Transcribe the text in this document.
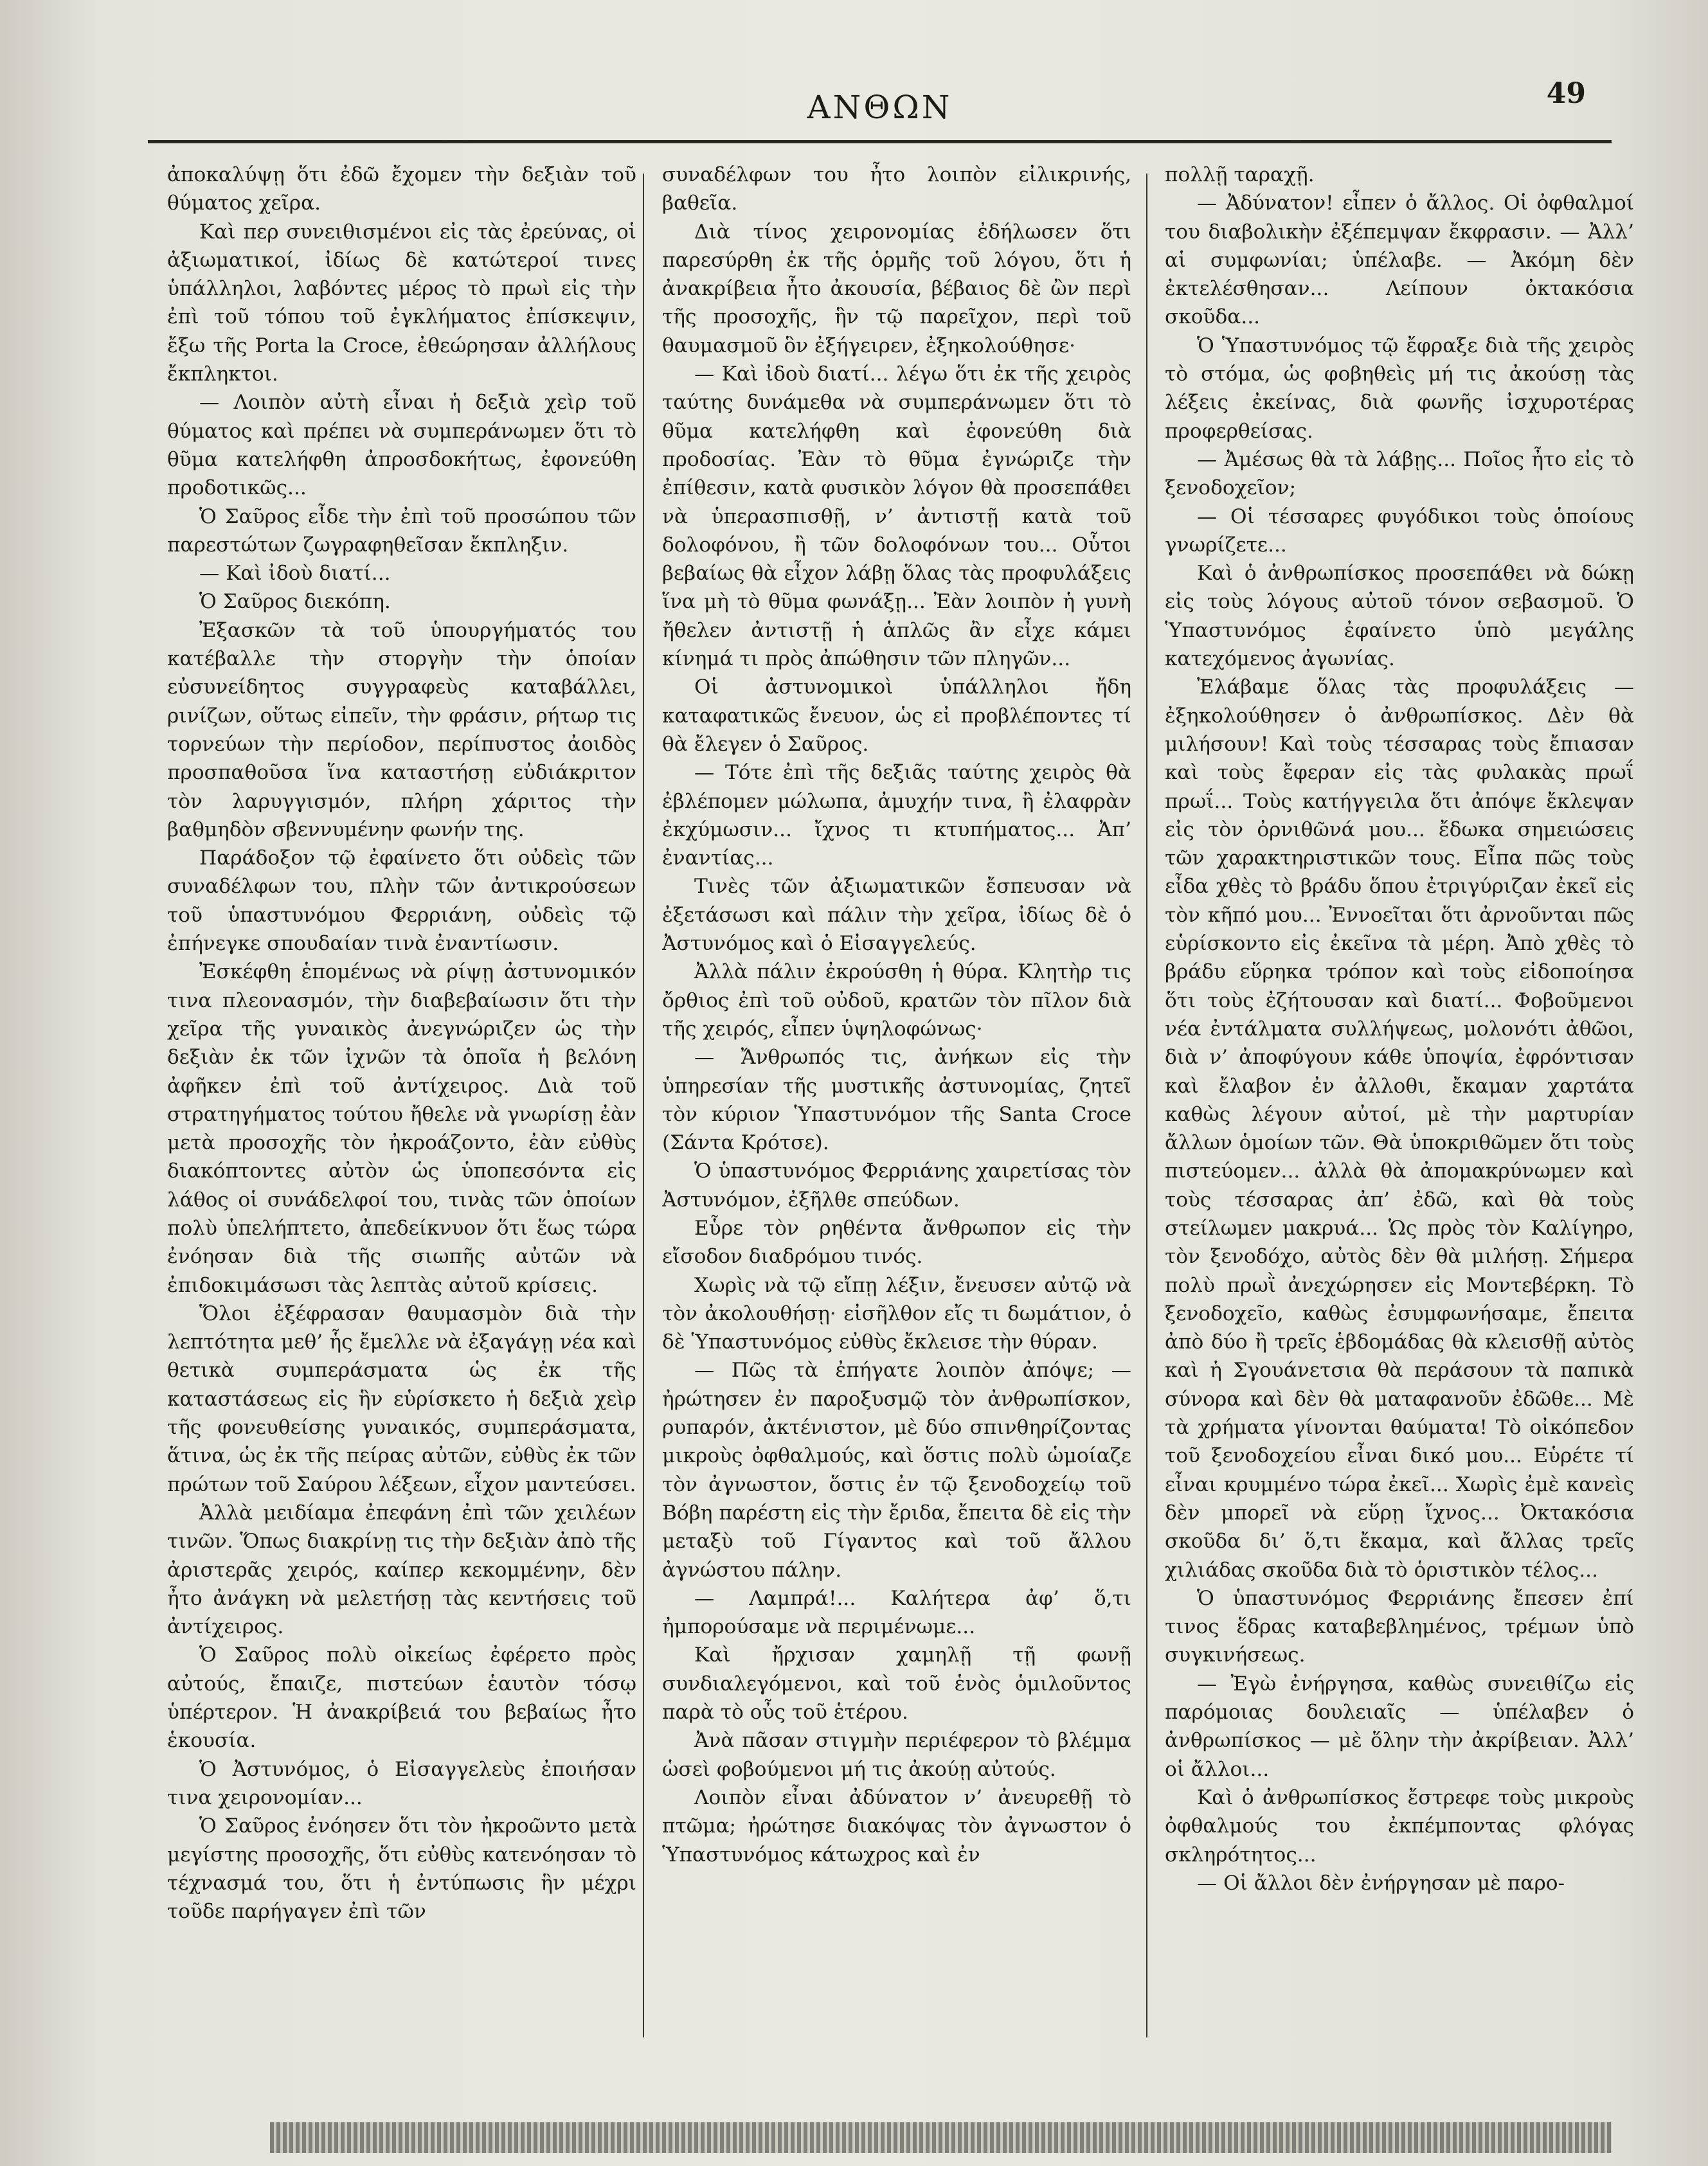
ΑΝΘΩΝ	49

ἀποκαλύψῃ ὅτι ἐδῶ ἔχομεν τὴν δεξιὰν τοῦ θύματος χεῖρα.

Καὶ περ συνειθισμένοι εἰς τὰς ἐρεύνας, οἱ ἀξιωματικοί, ἰδίως δὲ κατώτεροί τινες ὑπάλληλοι, λαβόντες μέρος τὸ πρωὶ εἰς τὴν ἐπὶ τοῦ τόπου τοῦ ἐγκλήματος ἐπίσκεψιν, ἔξω τῆς Porta la Croce, ἐθεώρησαν ἀλλήλους ἔκπληκτοι.

— Λοιπὸν αὐτὴ εἶναι ἡ δεξιὰ χεὶρ τοῦ θύματος καὶ πρέπει νὰ συμπεράνωμεν ὅτι τὸ θῦμα κατελήφθη ἀπροσδοκήτως, ἐφονεύθη προδοτικῶς...

Ὁ Σαῦρος εἶδε τὴν ἐπὶ τοῦ προσώπου τῶν παρεστώτων ζωγραφηθεῖσαν ἔκπληξιν.

— Καὶ ἰδοὺ διατί...

Ὁ Σαῦρος διεκόπη.

Ἐξασκῶν τὰ τοῦ ὑπουργήματός του κατέβαλλε τὴν στοργὴν τὴν ὁποίαν εὐσυνείδητος συγγραφεὺς καταβάλλει, ρινίζων, οὕτως εἰπεῖν, τὴν φράσιν, ρήτωρ τις τορνεύων τὴν περίοδον, περίπυστος ἀοιδὸς προσπαθοῦσα ἵνα καταστήσῃ εὐδιάκριτον τὸν λαρυγγισμόν, πλήρη χάριτος τὴν βαθμηδὸν σβεννυμένην φωνήν της.

Παράδοξον τῷ ἐφαίνετο ὅτι οὐδεὶς τῶν συναδέλφων του, πλὴν τῶν ἀντικρούσεων τοῦ ὑπαστυνόμου Φερριάνη, οὐδεὶς τῷ ἐπήνεγκε σπουδαίαν τινὰ ἐναντίωσιν.

Ἐσκέφθη ἑπομένως νὰ ρίψῃ ἀστυνομικόν τινα πλεονασμόν, τὴν διαβεβαίωσιν ὅτι τὴν χεῖρα τῆς γυναικὸς ἀνεγνώριζεν ὡς τὴν δεξιὰν ἐκ τῶν ἰχνῶν τὰ ὁποῖα ἡ βελόνη ἀφῆκεν ἐπὶ τοῦ ἀντίχειρος. Διὰ τοῦ στρατηγήματος τούτου ἤθελε νὰ γνωρίσῃ ἐὰν μετὰ προσοχῆς τὸν ἠκροάζοντο, ἐὰν εὐθὺς διακόπτοντες αὐτὸν ὡς ὑποπεσόντα εἰς λάθος οἱ συνάδελφοί του, τινὰς τῶν ὁποίων πολὺ ὑπελήπτετο, ἀπεδείκνυον ὅτι ἕως τώρα ἐνόησαν διὰ τῆς σιωπῆς αὐτῶν νὰ ἐπιδοκιμάσωσι τὰς λεπτὰς αὐτοῦ κρίσεις.

Ὅλοι ἐξέφρασαν θαυμασμὸν διὰ τὴν λεπτότητα μεθ’ ἧς ἔμελλε νὰ ἐξαγάγῃ νέα καὶ θετικὰ συμπεράσματα ὡς ἐκ τῆς καταστάσεως εἰς ἣν εὑρίσκετο ἡ δεξιὰ χεὶρ τῆς φονευθείσης γυναικός, συμπεράσματα, ἅτινα, ὡς ἐκ τῆς πείρας αὐτῶν, εὐθὺς ἐκ τῶν πρώτων τοῦ Σαύρου λέξεων, εἶχον μαντεύσει.

Ἀλλὰ μειδίαμα ἐπεφάνη ἐπὶ τῶν χειλέων τινῶν. Ὅπως διακρίνῃ τις τὴν δεξιὰν ἀπὸ τῆς ἀριστερᾶς χειρός, καίπερ κεκομμένην, δὲν ἦτο ἀνάγκη νὰ μελετήσῃ τὰς κεντήσεις τοῦ ἀντίχειρος.

Ὁ Σαῦρος πολὺ οἰκείως ἐφέρετο πρὸς αὐτούς, ἔπαιζε, πιστεύων ἑαυτὸν τόσῳ ὑπέρτερον. Ἡ ἀνακρίβειά του βεβαίως ἦτο ἑκουσία.

Ὁ Ἀστυνόμος, ὁ Εἰσαγγελεὺς ἐποιήσαν τινα χειρονομίαν...

Ὁ Σαῦρος ἐνόησεν ὅτι τὸν ἠκροῶντο μετὰ μεγίστης προσοχῆς, ὅτι εὐθὺς κατενόησαν τὸ τέχνασμά του, ὅτι ἡ ἐντύπωσις ἣν μέχρι τοῦδε παρήγαγεν ἐπὶ τῶν

συναδέλφων του ἦτο λοιπὸν εἰλικρινής, βαθεῖα.

Διὰ τίνος χειρονομίας ἐδήλωσεν ὅτι παρεσύρθη ἐκ τῆς ὁρμῆς τοῦ λόγου, ὅτι ἡ ἀνακρίβεια ἦτο ἀκουσία, βέβαιος δὲ ὢν περὶ τῆς προσοχῆς, ἣν τῷ παρεῖχον, περὶ τοῦ θαυμασμοῦ ὃν ἐξήγειρεν, ἐξηκολούθησε·

— Καὶ ἰδοὺ διατί... λέγω ὅτι ἐκ τῆς χειρὸς ταύτης δυνάμεθα νὰ συμπεράνωμεν ὅτι τὸ θῦμα κατελήφθη καὶ ἐφονεύθη διὰ προδοσίας. Ἐὰν τὸ θῦμα ἐγνώριζε τὴν ἐπίθεσιν, κατὰ φυσικὸν λόγον θὰ προσεπάθει νὰ ὑπερασπισθῇ, ν’ ἀντιστῇ κατὰ τοῦ δολοφόνου, ἢ τῶν δολοφόνων του... Οὗτοι βεβαίως θὰ εἶχον λάβῃ ὅλας τὰς προφυλάξεις ἵνα μὴ τὸ θῦμα φωνάξῃ... Ἐὰν λοιπὸν ἡ γυνὴ ἤθελεν ἀντιστῇ ἡ ἁπλῶς ἂν εἶχε κάμει κίνημά τι πρὸς ἀπώθησιν τῶν πληγῶν...

Οἱ ἀστυνομικοὶ ὑπάλληλοι ἤδη καταφατικῶς ἔνευον, ὡς εἰ προβλέποντες τί θὰ ἔλεγεν ὁ Σαῦρος.

— Τότε ἐπὶ τῆς δεξιᾶς ταύτης χειρὸς θὰ ἐβλέπομεν μώλωπα, ἀμυχήν τινα, ἢ ἐλαφρὰν ἐκχύμωσιν... ἴχνος τι κτυπήματος... Ἀπ’ ἐναντίας...

Τινὲς τῶν ἀξιωματικῶν ἔσπευσαν νὰ ἐξετάσωσι καὶ πάλιν τὴν χεῖρα, ἰδίως δὲ ὁ Ἀστυνόμος καὶ ὁ Εἰσαγγελεύς.

Ἀλλὰ πάλιν ἐκρούσθη ἡ θύρα. Κλητὴρ τις ὄρθιος ἐπὶ τοῦ οὐδοῦ, κρατῶν τὸν πῖλον διὰ τῆς χειρός, εἶπεν ὑψηλοφώνως·

— Ἄνθρωπός τις, ἀνήκων εἰς τὴν ὑπηρεσίαν τῆς μυστικῆς ἀστυνομίας, ζητεῖ τὸν κύριον Ὑπαστυνόμον τῆς Santa Croce (Σάντα Κρότσε).

Ὁ ὑπαστυνόμος Φερριάνης χαιρετίσας τὸν Ἀστυνόμον, ἐξῆλθε σπεύδων.

Εὗρε τὸν ρηθέντα ἄνθρωπον εἰς τὴν εἴσοδον διαδρόμου τινός.

Χωρὶς νὰ τῷ εἴπῃ λέξιν, ἔνευσεν αὐτῷ νὰ τὸν ἀκολουθήσῃ· εἰσῆλθον εἴς τι δωμάτιον, ὁ δὲ Ὑπαστυνόμος εὐθὺς ἔκλεισε τὴν θύραν.

— Πῶς τὰ ἐπήγατε λοιπὸν ἀπόψε; — ἠρώτησεν ἐν παροξυσμῷ τὸν ἀνθρωπίσκον, ρυπαρόν, ἀκτένιστον, μὲ δύο σπινθηρίζοντας μικροὺς ὀφθαλμούς, καὶ ὅστις πολὺ ὡμοίαζε τὸν ἀγνωστον, ὅστις ἐν τῷ ξενοδοχείῳ τοῦ Βόβη παρέστη εἰς τὴν ἔριδα, ἔπειτα δὲ εἰς τὴν μεταξὺ τοῦ Γίγαντος καὶ τοῦ ἄλλου ἀγνώστου πάλην.

— Λαμπρά!... Καλήτερα ἀφ’ ὅ,τι ἠμπορούσαμε νὰ περιμένωμε...

Καὶ ἤρχισαν χαμηλῇ τῇ φωνῇ συνδιαλεγόμενοι, καὶ τοῦ ἑνὸς ὁμιλοῦντος παρὰ τὸ οὖς τοῦ ἑτέρου.

Ἀνὰ πᾶσαν στιγμὴν περιέφερον τὸ βλέμμα ὡσεὶ φοβούμενοι μή τις ἀκούῃ αὐτούς.

Λοιπὸν εἶναι ἀδύνατον ν’ ἀνευρεθῇ τὸ πτῶμα; ἠρώτησε διακόψας τὸν ἀγνωστον ὁ Ὑπαστυνόμος κάτωχρος καὶ ἐν

πολλῇ ταραχῇ.

— Ἀδύνατον! εἶπεν ὁ ἄλλος. Οἱ ὀφθαλμοί του διαβολικὴν ἐξέπεμψαν ἔκφρασιν. — Ἀλλ’ αἱ συμφωνίαι; ὑπέλαβε. — Ἀκόμη δὲν ἐκτελέσθησαν... Λείπουν ὀκτακόσια σκοῦδα...

Ὁ Ὑπαστυνόμος τῷ ἔφραξε διὰ τῆς χειρὸς τὸ στόμα, ὡς φοβηθεὶς μή τις ἀκούσῃ τὰς λέξεις ἐκείνας, διὰ φωνῆς ἰσχυροτέρας προφερθείσας.

— Ἀμέσως θὰ τὰ λάβῃς... Ποῖος ἦτο εἰς τὸ ξενοδοχεῖον;

— Οἱ τέσσαρες φυγόδικοι τοὺς ὁποίους γνωρίζετε...

Καὶ ὁ ἀνθρωπίσκος προσεπάθει νὰ δώκῃ εἰς τοὺς λόγους αὐτοῦ τόνον σεβασμοῦ. Ὁ Ὑπαστυνόμος ἐφαίνετο ὑπὸ μεγάλης κατεχόμενος ἀγωνίας.

Ἐλάβαμε ὅλας τὰς προφυλάξεις — ἐξηκολούθησεν ὁ ἀνθρωπίσκος. Δὲν θὰ μιλήσουν! Καὶ τοὺς τέσσαρας τοὺς ἔπιασαν καὶ τοὺς ἔφεραν εἰς τὰς φυλακὰς πρωΐ πρωΐ... Τοὺς κατήγγειλα ὅτι ἀπόψε ἔκλεψαν εἰς τὸν ὀρνιθῶνά μου... ἔδωκα σημειώσεις τῶν χαρακτηριστικῶν τους. Εἶπα πῶς τοὺς εἶδα χθὲς τὸ βράδυ ὅπου ἐτριγύριζαν ἐκεῖ εἰς τὸν κῆπό μου... Ἐννοεῖται ὅτι ἀρνοῦνται πῶς εὑρίσκοντο εἰς ἐκεῖνα τὰ μέρη. Ἀπὸ χθὲς τὸ βράδυ εὕρηκα τρόπον καὶ τοὺς εἰδοποίησα ὅτι τοὺς ἐζήτουσαν καὶ διατί... Φοβοῦμενοι νέα ἐντάλματα συλλήψεως, μολονότι ἀθῶοι, διὰ ν’ ἀποφύγουν κάθε ὑποψία, ἐφρόντισαν καὶ ἔλαβον ἐν ἀλλοθι, ἔκαμαν χαρτάτα καθὼς λέγουν αὐτοί, μὲ τὴν μαρτυρίαν ἄλλων ὁμοίων τῶν. Θὰ ὑποκριθῶμεν ὅτι τοὺς πιστεύομεν... ἀλλὰ θὰ ἀπομακρύνωμεν καὶ τοὺς τέσσαρας ἀπ’ ἐδῶ, καὶ θὰ τοὺς στείλωμεν μακρυά... Ὡς πρὸς τὸν Καλίγηρο, τὸν ξενοδόχο, αὐτὸς δὲν θὰ μιλήσῃ. Σήμερα πολὺ πρωῒ ἀνεχώρησεν εἰς Μοντεβέρκη. Τὸ ξενοδοχεῖο, καθὼς ἐσυμφωνήσαμε, ἔπειτα ἀπὸ δύο ἢ τρεῖς ἑβδομάδας θὰ κλεισθῇ αὐτὸς καὶ ἡ Σγουάνετσια θὰ περάσουν τὰ παπικὰ σύνορα καὶ δὲν θὰ ματαφανοῦν ἐδῶθε... Μὲ τὰ χρήματα γίνονται θαύματα! Τὸ οἰκόπεδον τοῦ ξενοδοχείου εἶναι δικό μου... Εὑρέτε τί εἶναι κρυμμένο τώρα ἐκεῖ... Χωρὶς ἐμὲ κανεὶς δὲν μπορεῖ νὰ εὕρῃ ἴχνος... Ὀκτακόσια σκοῦδα δι’ ὅ,τι ἔκαμα, καὶ ἄλλας τρεῖς χιλιάδας σκοῦδα διὰ τὸ ὁριστικὸν τέλος...

Ὁ ὑπαστυνόμος Φερριάνης ἔπεσεν ἐπί τινος ἕδρας καταβεβλημένος, τρέμων ὑπὸ συγκινήσεως.

— Ἐγὼ ἐνήργησα, καθὼς συνειθίζω εἰς παρόμοιας δουλειαῖς — ὑπέλαβεν ὁ ἀνθρωπίσκος — μὲ ὅλην τὴν ἀκρίβειαν. Ἀλλ’ οἱ ἄλλοι...

Καὶ ὁ ἀνθρωπίσκος ἔστρεφε τοὺς μικροὺς ὀφθαλμούς του ἐκπέμποντας φλόγας σκληρότητος...

— Οἱ ἄλλοι δὲν ἐνήργησαν μὲ παρο-
